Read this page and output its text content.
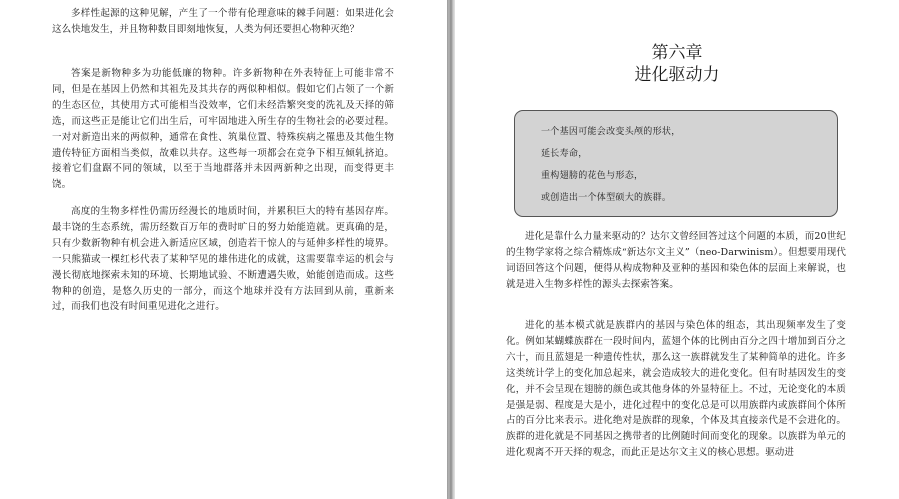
多样性起源的这种见解，产生了一个带有伦理意味的棘手问题：如果进化会这么快地发生，并且物种数目即刻地恢复，人类为何还要担心物种灭绝？

答案是新物种多为功能低廉的物种。许多新物种在外表特征上可能非常不同，但是在基因上仍然和其祖先及其共存的两似种相似。假如它们占领了一个新的生态区位，其使用方式可能相当没效率，它们未经浩繁突变的洗礼及天择的筛选，而这些正是能让它们出生后，可牢固地进入所生存的生物社会的必要过程。一对对新造出来的两似种，通常在食性、筑巢位置、特殊疾病之罹患及其他生物遗传特征方面相当类似，故难以共存。这些每一项都会在竞争下相互倾轧挤迫。接着它们盘踞不同的领域，以至于当地群落并未因两新种之出现，而变得更丰饶。

高度的生物多样性仍需历经漫长的地质时间，并累积巨大的特有基因存库。最丰饶的生态系统，需历经数百万年的费时旷日的努力始能造就。更真确的是，只有少数新物种有机会进入新适应区域，创造若干惊人的与延伸多样性的境界。一只熊猫或一棵红杉代表了某种罕见的雄伟进化的成就，这需要靠幸运的机会与漫长彻底地探索未知的环境、长期地试验、不断遭遇失败，始能创造而成。这些物种的创造，是悠久历史的一部分，而这个地球并没有方法回到从前，重新来过，而我们也没有时间重见进化之进行。

第六章
进化驱动力
一个基因可能会改变头颅的形状，
延长寿命，
重构翅膀的花色与形态，
或创造出一个体型硕大的族群。

进化是靠什么力量来驱动的？达尔文曾经回答过这个问题的本质，而20世纪的生物学家将之综合精炼成“新达尔文主义”（neo-Darwinism）。但想要用现代词语回答这个问题，便得从构成物种及亚种的基因和染色体的层面上来解说，也就是进入生物多样性的源头去探索答案。

进化的基本模式就是族群内的基因与染色体的组态，其出现频率发生了变化。例如某蝴蝶族群在一段时间内，蓝翅个体的比例由百分之四十增加到百分之六十，而且蓝翅是一种遗传性状，那么这一族群就发生了某种简单的进化。许多这类统计学上的变化加总起来，就会造成较大的进化变化。但有时基因发生的变化，并不会呈现在翅膀的颜色或其他身体的外显特征上。不过，无论变化的本质是强是弱、程度是大是小，进化过程中的变化总是可以用族群内或族群间个体所占的百分比来表示。进化绝对是族群的现象，个体及其直接亲代是不会进化的。族群的进化就是不同基因之携带者的比例随时间而变化的现象。以族群为单元的进化观离不开天择的观念，而此正是达尔文主义的核心思想。驱动进
